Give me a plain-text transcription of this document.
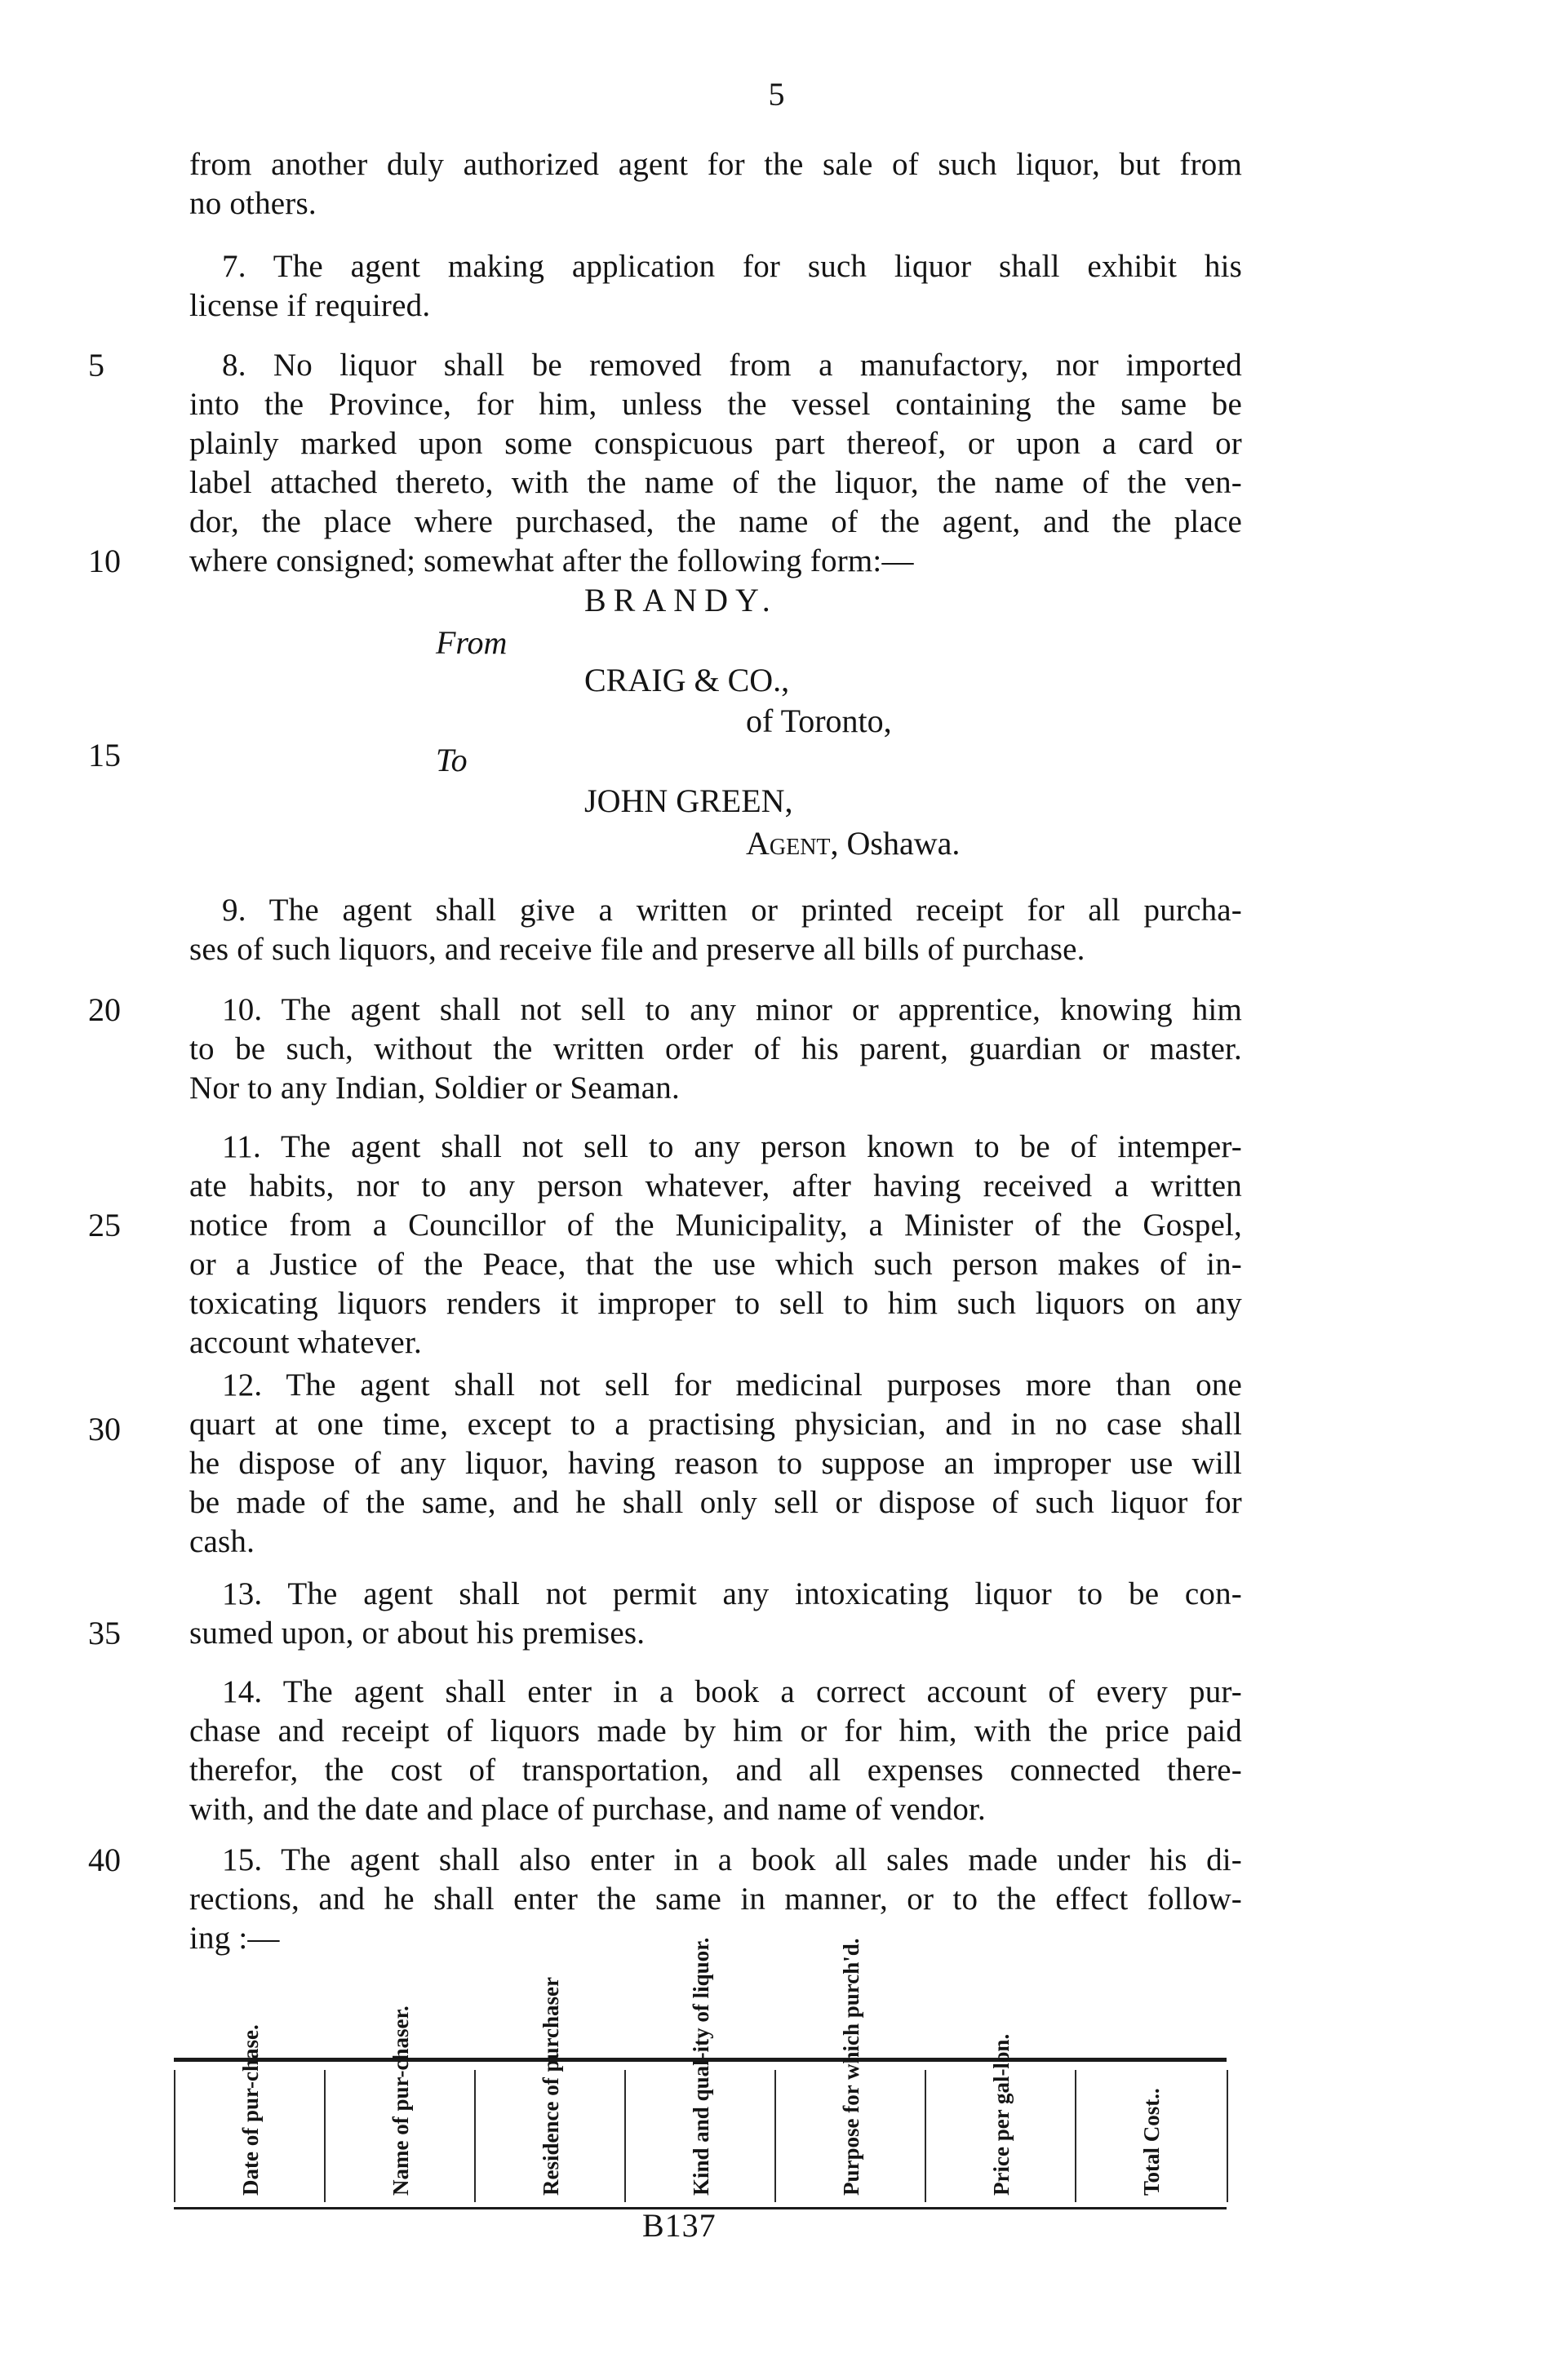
5

from another duly authorized agent for the sale of such liquor, but from
no others.

7. The agent making application for such liquor shall exhibit his
license if required.

8. No liquor shall be removed from a manufactory, nor imported
into the Province, for him, unless the vessel containing the same be
plainly marked upon some conspicuous part thereof, or upon a card or
label attached thereto, with the name of the liquor, the name of the ven-
dor, the place where purchased, the name of the agent, and the place
where consigned; somewhat after the following form:—

BRANDY.
From
CRAIG & CO.,
of Toronto,
To
JOHN GREEN,
Agent, Oshawa.

9. The agent shall give a written or printed receipt for all purcha-
ses of such liquors, and receive file and preserve all bills of purchase.

10. The agent shall not sell to any minor or apprentice, knowing him
to be such, without the written order of his parent, guardian or master.
Nor to any Indian, Soldier or Seaman.

11. The agent shall not sell to any person known to be of intemper-
ate habits, nor to any person whatever, after having received a written
notice from a Councillor of the Municipality, a Minister of the Gospel,
or a Justice of the Peace, that the use which such person makes of in-
toxicating liquors renders it improper to sell to him such liquors on any
account whatever.

12. The agent shall not sell for medicinal purposes more than one
quart at one time, except to a practising physician, and in no case shall
he dispose of any liquor, having reason to suppose an improper use will
be made of the same, and he shall only sell or dispose of such liquor for
cash.

13. The agent shall not permit any intoxicating liquor to be con-
sumed upon, or about his premises.

14. The agent shall enter in a book a correct account of every pur-
chase and receipt of liquors made by him or for him, with the price paid
therefor, the cost of transportation, and all expenses connected there-
with, and the date and place of purchase, and name of vendor.

15. The agent shall also enter in a book all sales made under his di-
rections, and he shall enter the same in manner, or to the effect follow-
ing :—

5
10
15
20
25
30
35
40
Date of pur-chase.	Name of pur-chaser.	Residence of purchaser	Kind and qual-ity of liquor.	Purpose for which purch'd.	Price per gal-lon.	Total Cost..
B137
